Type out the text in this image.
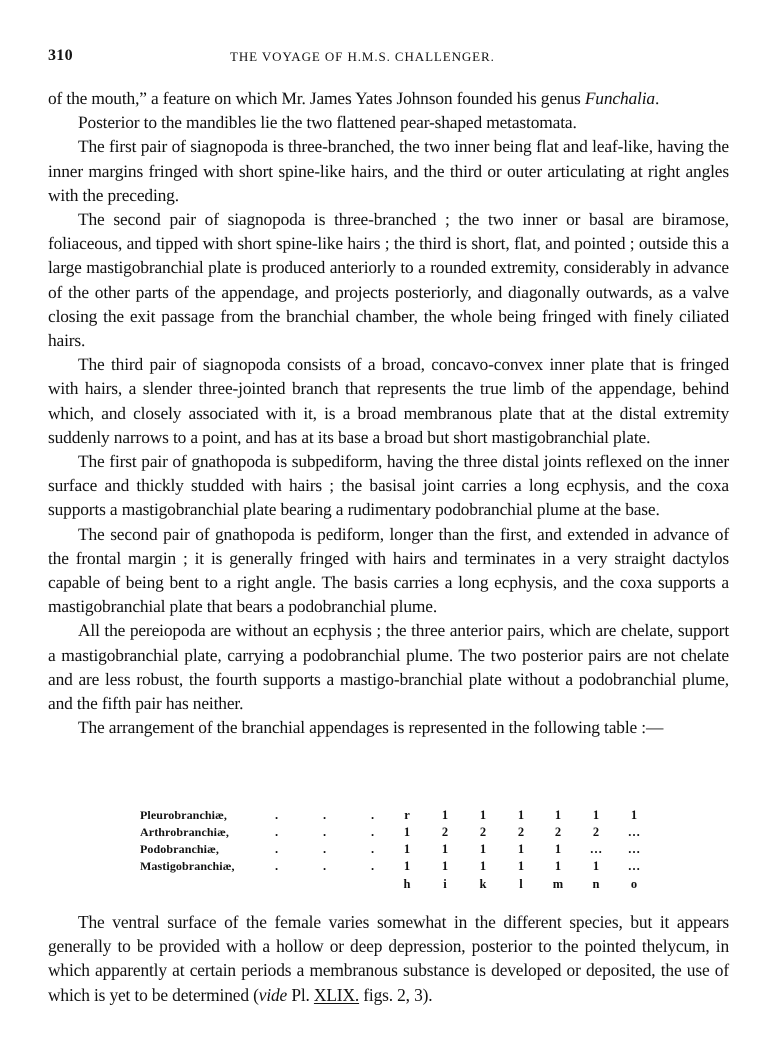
310	THE VOYAGE OF H.M.S. CHALLENGER.

of the mouth,” a feature on which Mr. James Yates Johnson founded his genus Funchalia.

Posterior to the mandibles lie the two flattened pear-shaped metastomata.

The first pair of siagnopoda is three-branched, the two inner being flat and leaf-like, having the inner margins fringed with short spine-like hairs, and the third or outer articulating at right angles with the preceding.

The second pair of siagnopoda is three-branched ; the two inner or basal are biramose, foliaceous, and tipped with short spine-like hairs ; the third is short, flat, and pointed ; outside this a large mastigobranchial plate is produced anteriorly to a rounded extremity, considerably in advance of the other parts of the appendage, and projects posteriorly, and diagonally outwards, as a valve closing the exit passage from the branchial chamber, the whole being fringed with finely ciliated hairs.

The third pair of siagnopoda consists of a broad, concavo-convex inner plate that is fringed with hairs, a slender three-jointed branch that represents the true limb of the appendage, behind which, and closely associated with it, is a broad membranous plate that at the distal extremity suddenly narrows to a point, and has at its base a broad but short mastigobranchial plate.

The first pair of gnathopoda is subpediform, having the three distal joints reflexed on the inner surface and thickly studded with hairs ; the basisal joint carries a long ecphysis, and the coxa supports a mastigobranchial plate bearing a rudimentary podobranchial plume at the base.

The second pair of gnathopoda is pediform, longer than the first, and extended in advance of the frontal margin ; it is generally fringed with hairs and terminates in a very straight dactylos capable of being bent to a right angle. The basis carries a long ecphysis, and the coxa supports a mastigobranchial plate that bears a podobranchial plume.

All the pereiopoda are without an ecphysis ; the three anterior pairs, which are chelate, support a mastigobranchial plate, carrying a podobranchial plume. The two posterior pairs are not chelate and are less robust, the fourth supports a mastigo-branchial plate without a podobranchial plume, and the fifth pair has neither.

The arrangement of the branchial appendages is represented in the following table :—

Pleurobranchiæ,	.	.	.	r	1	1	1	1	1	1
Arthrobranchiæ,	.	.	.	1	2	2	2	2	2	…
Podobranchiæ,	.	.	.	1	1	1	1	1	…	…
Mastigobranchiæ,	.	.	.	1	1	1	1	1	1	…
h	i	k	l	m	n	o

The ventral surface of the female varies somewhat in the different species, but it appears generally to be provided with a hollow or deep depression, posterior to the pointed thelycum, in which apparently at certain periods a membranous substance is developed or deposited, the use of which is yet to be determined (vide Pl. XLIX. figs. 2, 3).
